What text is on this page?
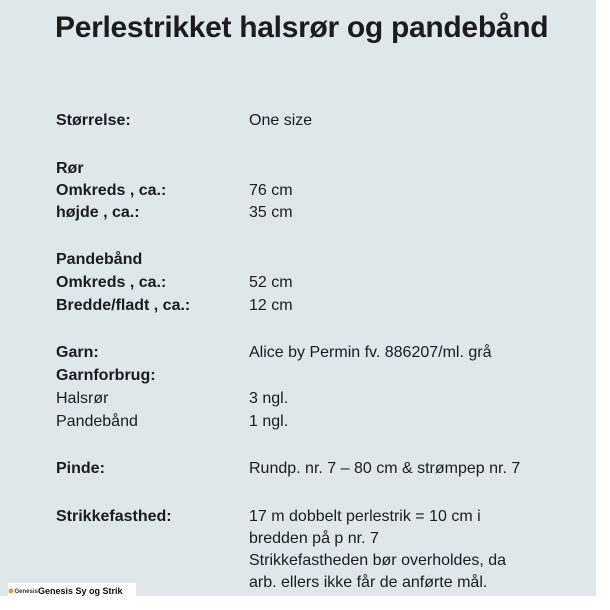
Perlestrikket halsrør og pandebånd
Størrelse:	One size
Rør
Omkreds , ca.:	76 cm
højde , ca.:	35 cm
Pandebånd
Omkreds , ca.:	52 cm
Bredde/fladt , ca.:	12 cm
Garn:	Alice by Permin fv. 886207/ml. grå
Garnforbrug:
Halsrør	3 ngl.
Pandebånd	1 ngl.
Pinde:	Rundp. nr. 7 – 80 cm & strømpep nr. 7
Strikkefasthed:	17 m dobbelt perlestrik = 10 cm i
bredden på p nr. 7
Strikkefastheden bør overholdes, da
arb. ellers ikke får de anførte mål.
Genesis Genesis Sy og Strik
